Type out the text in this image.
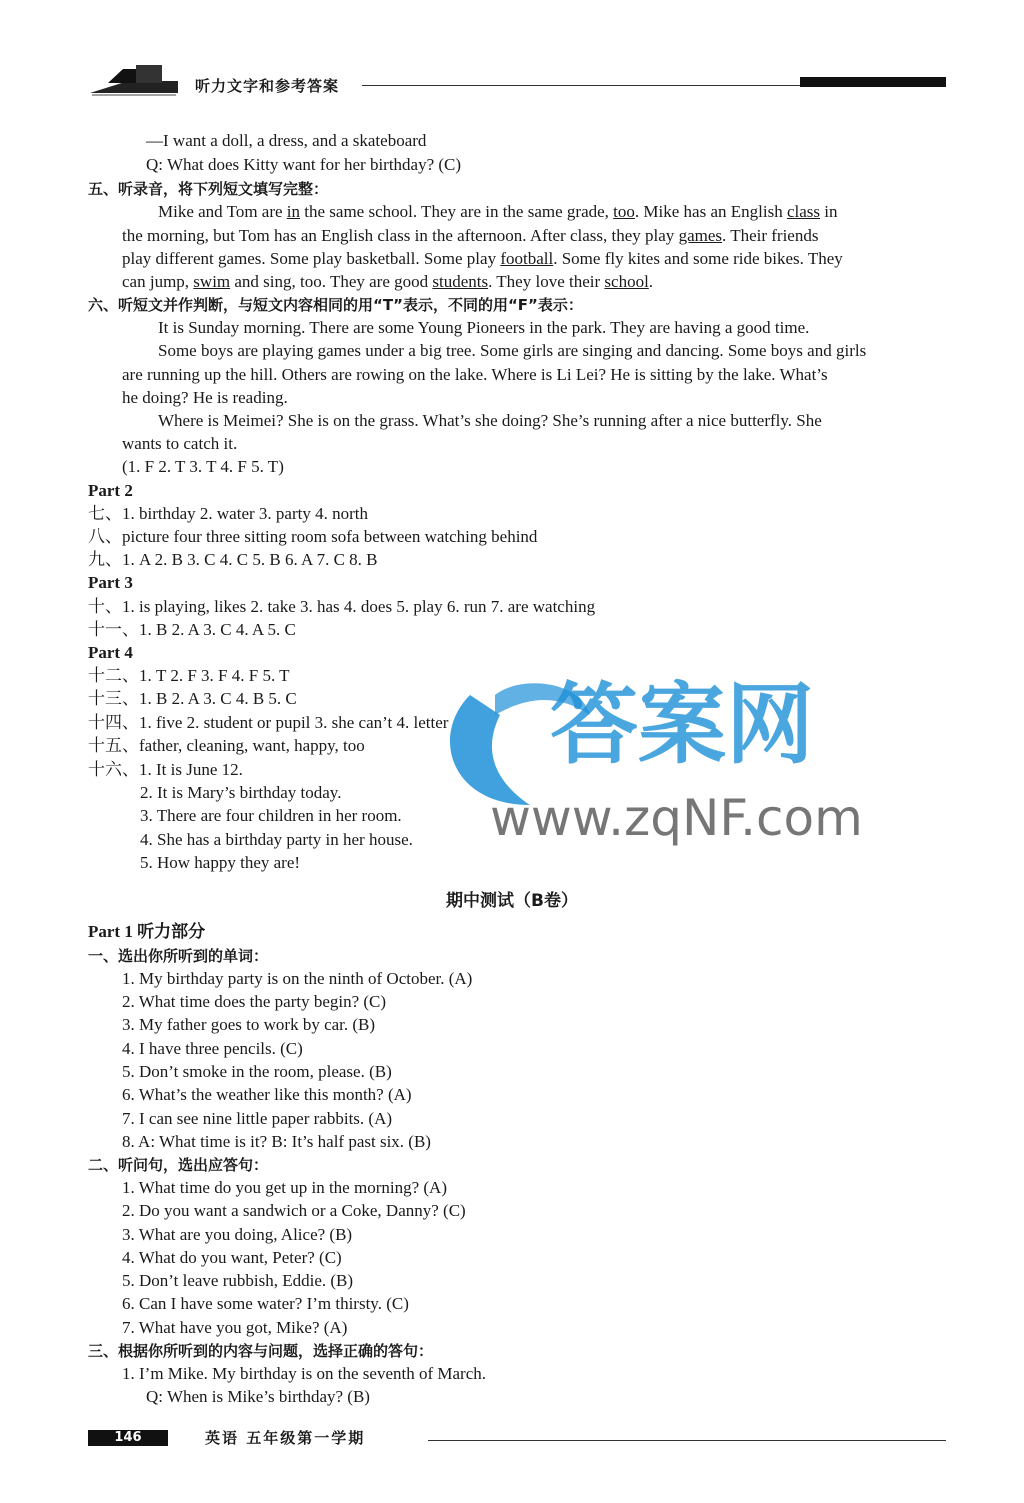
听力文字和参考答案
—I want a doll, a dress, and a skateboard
Q: What does Kitty want for her birthday? (C)
五、听录音，将下列短文填写完整：
Mike and Tom are in the same school. They are in the same grade, too. Mike has an English class in
the morning, but Tom has an English class in the afternoon. After class, they play games. Their friends
play different games. Some play basketball. Some play football. Some fly kites and some ride bikes. They
can jump, swim and sing, too. They are good students. They love their school.
六、听短文并作判断，与短文内容相同的用“T”表示，不同的用“F”表示：
It is Sunday morning. There are some Young Pioneers in the park. They are having a good time.
Some boys are playing games under a big tree. Some girls are singing and dancing. Some boys and girls
are running up the hill. Others are rowing on the lake. Where is Li Lei? He is sitting by the lake. What’s
he doing? He is reading.
Where is Meimei? She is on the grass. What’s she doing? She’s running after a nice butterfly. She
wants to catch it.
(1. F 2. T 3. T 4. F 5. T)
Part 2
七、1. birthday 2. water 3. party 4. north
八、picture four three sitting room sofa between watching behind
九、1. A 2. B 3. C 4. C 5. B 6. A 7. C 8. B
Part 3
十、1. is playing, likes 2. take 3. has 4. does 5. play 6. run 7. are watching
十一、1. B 2. A 3. C 4. A 5. C
Part 4
十二、1. T 2. F 3. F 4. F 5. T
十三、1. B 2. A 3. C 4. B 5. C
十四、1. five 2. student or pupil 3. she can’t 4. letter
十五、father, cleaning, want, happy, too
十六、1. It is June 12.
2. It is Mary’s birthday today.
3. There are four children in her room.
4. She has a birthday party in her house.
5. How happy they are!
答案网
www.zqNF.com
期中测试（B卷）
Part 1 听力部分
一、选出你所听到的单词：
1. My birthday party is on the ninth of October. (A)
2. What time does the party begin? (C)
3. My father goes to work by car. (B)
4. I have three pencils. (C)
5. Don’t smoke in the room, please. (B)
6. What’s the weather like this month? (A)
7. I can see nine little paper rabbits. (A)
8. A: What time is it? B: It’s half past six. (B)
二、听问句，选出应答句：
1. What time do you get up in the morning? (A)
2. Do you want a sandwich or a Coke, Danny? (C)
3. What are you doing, Alice? (B)
4. What do you want, Peter? (C)
5. Don’t leave rubbish, Eddie. (B)
6. Can I have some water? I’m thirsty. (C)
7. What have you got, Mike? (A)
三、根据你所听到的内容与问题，选择正确的答句：
1. I’m Mike. My birthday is on the seventh of March.
Q: When is Mike’s birthday? (B)
146	英语 五年级第一学期
